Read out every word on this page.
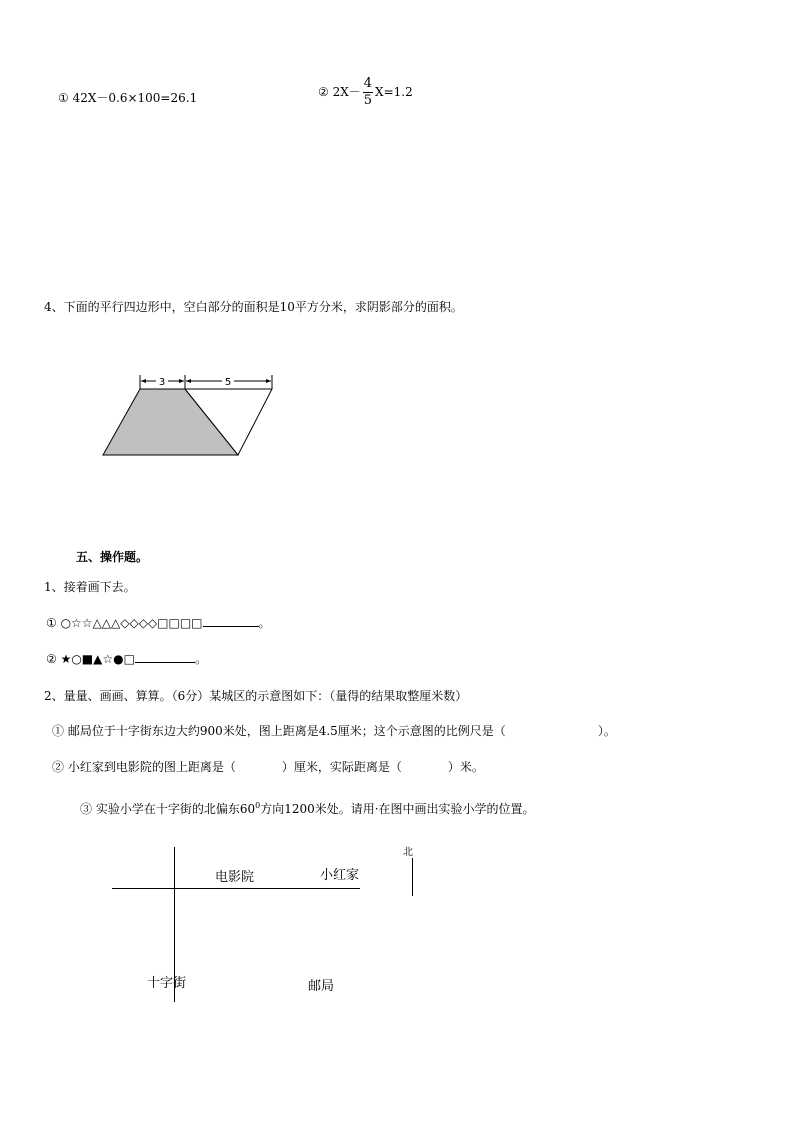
① 42X－0.6×100=26.1	② $2X- \frac{4}{5} X=1.2$
4、下面的平行四边形中，空白部分的面积是10平方分米，求阴影部分的面积。
3	5
五、操作题。
1、接着画下去。
① ○☆☆△△△◇◇◇◇□□□□	。
② ★○■▲☆●□	。
2、量量、画画、算算。（6分）某城区的示意图如下：（量得的结果取整厘米数）
① 邮局位于十字街东边大约900米处，图上距离是4.5厘米；这个示意图的比例尺是（	）。
② 小红家到电影院的图上距离是（	）厘米，实际距离是（	）米。
③ 实验小学在十字街的北偏东$60^0$方向1200米处。请用·在图中画出实验小学的位置。
电影院	小红家
十字街	邮局
北
